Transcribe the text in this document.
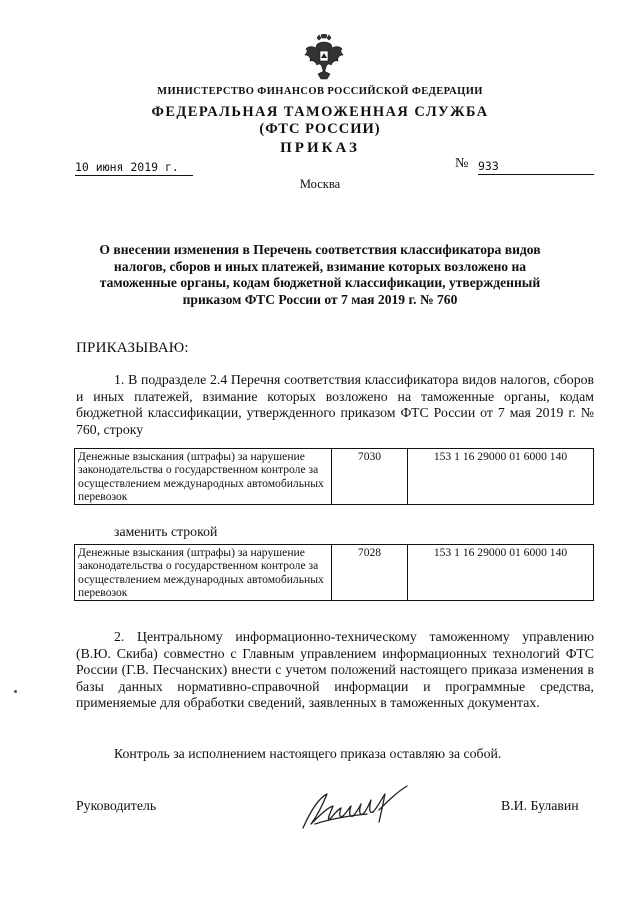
МИНИСТЕРСТВО ФИНАНСОВ РОССИЙСКОЙ ФЕДЕРАЦИИ
ФЕДЕРАЛЬНАЯ ТАМОЖЕННАЯ СЛУЖБА
(ФТС РОССИИ)
ПРИКАЗ
10 июня 2019 г.	№ 933
Москва
О внесении изменения в Перечень соответствия классификатора видов налогов, сборов и иных платежей, взимание которых возложено на таможенные органы, кодам бюджетной классификации, утвержденный приказом ФТС России от 7 мая 2019 г. № 760
ПРИКАЗЫВАЮ:
1. В подразделе 2.4 Перечня соответствия классификатора видов налогов, сборов и иных платежей, взимание которых возложено на таможенные органы, кодам бюджетной классификации, утвержденного приказом ФТС России от 7 мая 2019 г. № 760, строку
Денежные взыскания (штрафы) за нарушение законодательства о государственном контроле за осуществлением международных автомобильных перевозок	7030	153 1 16 29000 01 6000 140
заменить строкой
Денежные взыскания (штрафы) за нарушение законодательства о государственном контроле за осуществлением международных автомобильных перевозок	7028	153 1 16 29000 01 6000 140
2. Центральному информационно-техническому таможенному управлению (В.Ю. Скиба) совместно с Главным управлением информационных технологий ФТС России (Г.В. Песчанских) внести с учетом положений настоящего приказа изменения в базы данных нормативно-справочной информации и программные средства, применяемые для обработки сведений, заявленных в таможенных документах.
Контроль за исполнением настоящего приказа оставляю за собой.
Руководитель	В.И. Булавин
